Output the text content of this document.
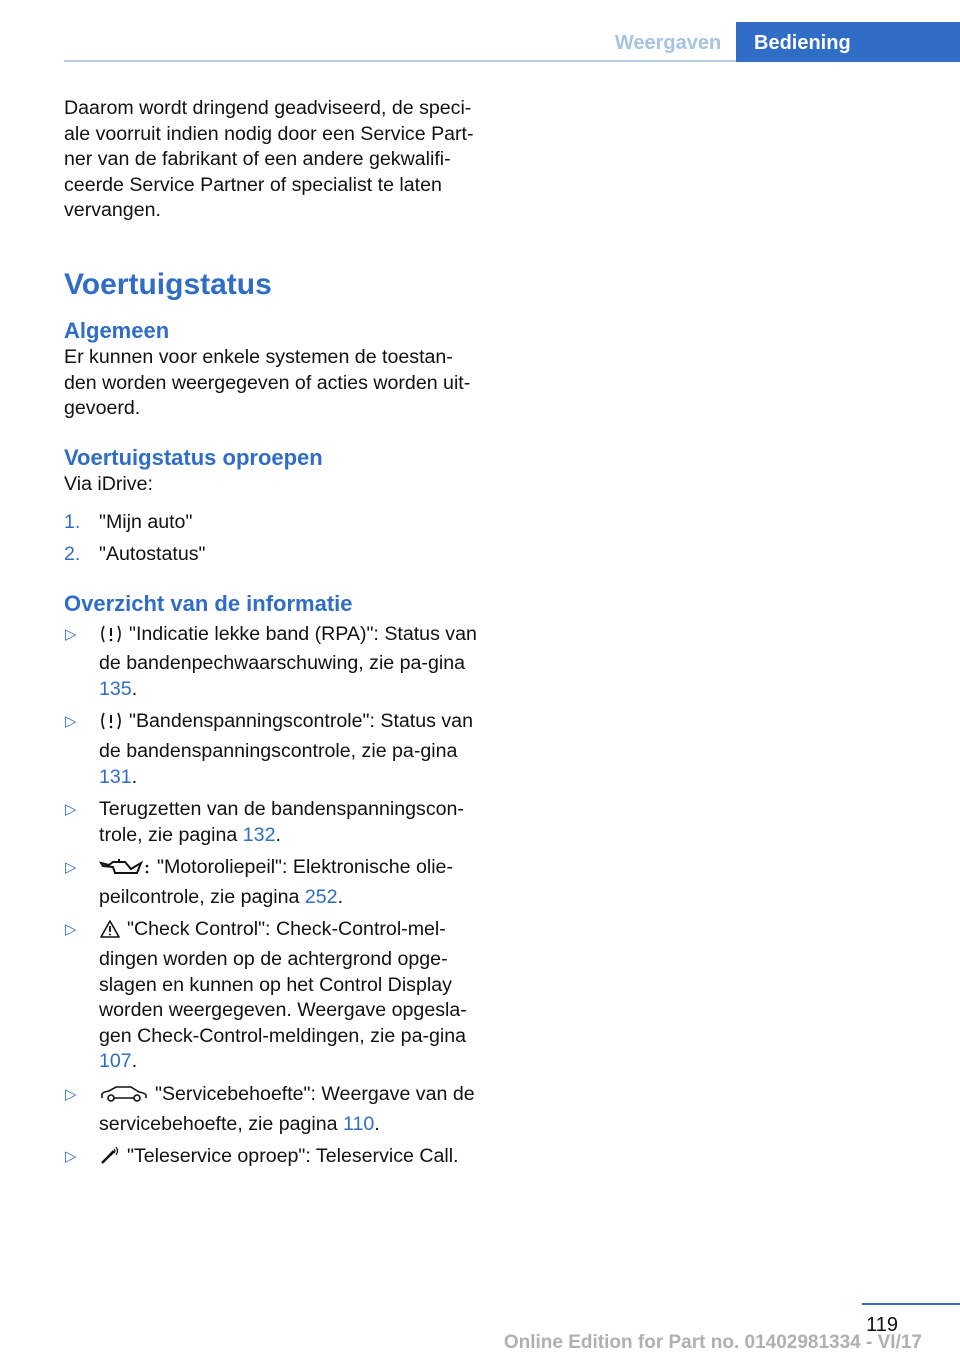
Weergaven	Bediening

Daarom wordt dringend geadviseerd, de speci-ale voorruit indien nodig door een Service Part-ner van de fabrikant of een andere gekwalifi-ceerde Service Partner of specialist te laten vervangen.

Voertuigstatus
Algemeen

Er kunnen voor enkele systemen de toestan-den worden weergegeven of acties worden uit-gevoerd.

Voertuigstatus oproepen

Via iDrive:

1. "Mijn auto"
2. "Autostatus"
Overzicht van de informatie
▷	"Indicatie lekke band (RPA)": Status van de bandenpechwaarschuwing, zie pa-gina 135.
▷	"Bandenspanningscontrole": Status van de bandenspanningscontrole, zie pa-gina 131.
▷ Terugzetten van de bandenspanningscon-trole, zie pagina 132.
▷	"Motoroliepeil": Elektronische olie-peilcontrole, zie pagina 252.
▷	"Check Control": Check-Control-mel-dingen worden op de achtergrond opge-slagen en kunnen op het Control Display worden weergegeven. Weergave opgesla-gen Check-Control-meldingen, zie pa-gina 107.
▷	"Servicebehoefte": Weergave van de servicebehoefte, zie pagina 110.
▷	"Teleservice oproep": Teleservice Call.
119
Online Edition for Part no. 01402981334 - VI/17
